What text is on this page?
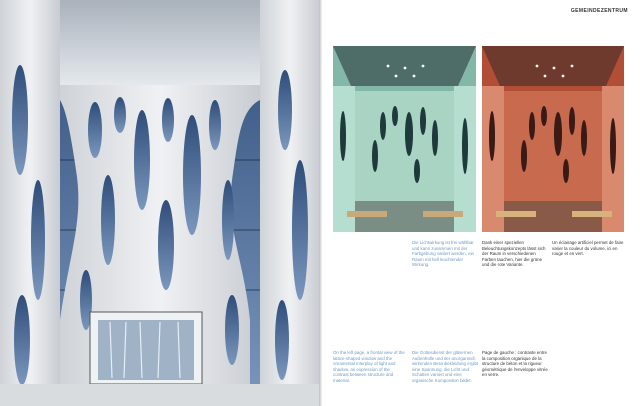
GEMEINDEZENTRUM
Die Lichtwirkung ist frei wählbar und kann zusammen mit der Farbgebung variiert werden, ein Raum mit hell leuchtender Wirkung.
Dank einer speziellen Beleuchtungskonzepts lässt sich der Raum in verschiedenen Farben tauchen, hier die grüne und die rote Variante.
Un éclairage artificiel permet de faire varier la couleur du volume, ici en rouge et en vert.
On the left page, a frontal view of the lattice-shaped window and the ornamental interplay of light and shadow, an expression of the contrast between structure and material.
Die Gottesdienst der gläsernen Außenhülle und der anorganisch wirkenden Betonbekleidung ergibt eine Spannung, die Licht und Schatten variiert und eine organische Komposition bildet.
Page de gauche : contraste entre la composition organique de la structure de béton et la rigueur géométrique de l'enveloppe vitrée en verre.
